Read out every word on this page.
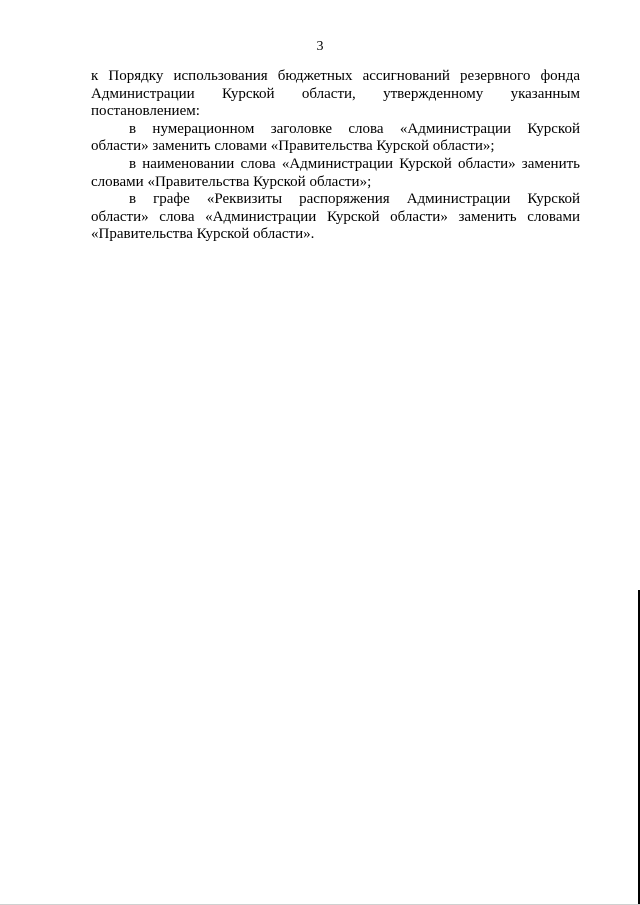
3

к Порядку использования бюджетных ассигнований резервного фонда
Администрации Курской области, утвержденному указанным
постановлением:

в нумерационном заголовке слова «Администрации Курской
области» заменить словами «Правительства Курской области»;

в наименовании слова «Администрации Курской области» заменить
словами «Правительства Курской области»;

в графе «Реквизиты распоряжения Администрации Курской
области» слова «Администрации Курской области» заменить словами
«Правительства Курской области».
